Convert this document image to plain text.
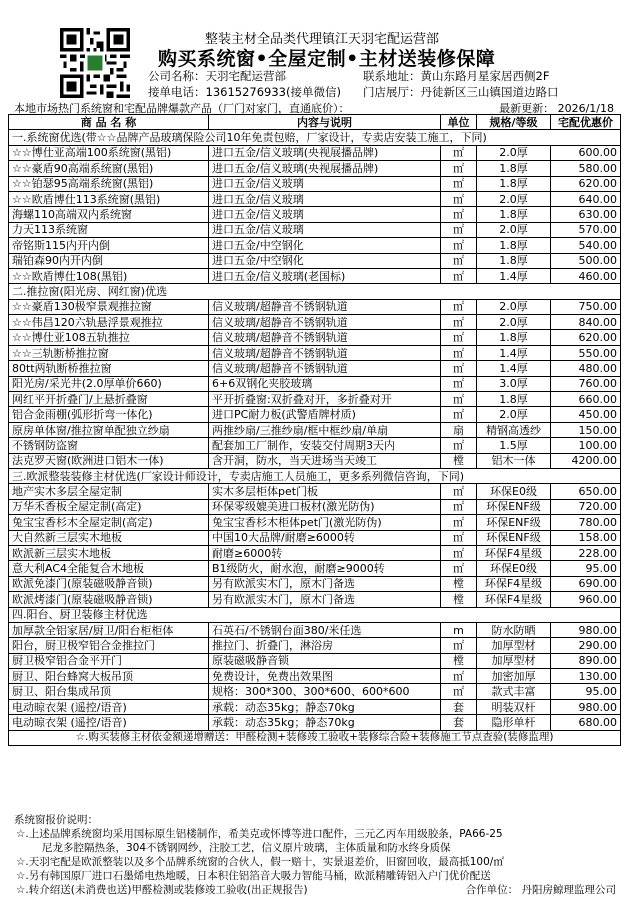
整装主材全品类代理镇江天羽宅配运营部
购买系统窗•全屋定制•主材送装修保障
公司名称：天羽宅配运营部	联系地址：黄山东路月星家居西侧2F
接单电话：13615276933(接单微信) 门店展厅：丹徒新区三山镇国道边路口
本地市场热门系统窗和宅配品牌爆款产品（厂门对家门，直通底价）：	最新更新： 2026/1/18
商 品 名 称	内容与说明	单位	规格/等级	宅配优惠价
一.系统窗优选(带☆☆品牌产品玻璃保险公司10年免责包赔，厂家设计，专卖店安装工施工，下同)				
☆☆博仕亚高端100系统窗(黑铝)	进口五金/信义玻璃(央视展播品牌)	㎡	2.0厚	600.00
☆☆豪盾90高端系统窗(黑铝)	进口五金/信义玻璃(央视展播品牌)	㎡	1.8厚	580.00
☆☆铂瑟95高端系统窗(黑铝)	进口五金/信义玻璃	㎡	1.8厚	620.00
☆☆欧盾博仕113系统窗(黑铝)	进口五金/信义玻璃	㎡	2.0厚	640.00
海螺110高端双内系统窗	进口五金/信义玻璃	㎡	1.8厚	630.00
力天113系统窗	进口五金/信义玻璃	㎡	2.0厚	570.00
帝铭斯115内开内倒	进口五金/中空钢化	㎡	1.8厚	540.00
瑞铂森90内开内倒	进口五金/中空钢化	㎡	1.8厚	500.00
☆☆欧盾博仕108(黑铝)	进口五金/信义玻璃(老国标)	㎡	1.4厚	460.00
二.推拉窗(阳光房、网红窗)优选				
☆☆豪盾130极窄景观推拉窗	信义玻璃/超静音不锈钢轨道	㎡	2.0厚	750.00
☆☆伟昌120六轨悬浮景观推拉	信义玻璃/超静音不锈钢轨道	㎡	2.0厚	840.00
☆☆博仕亚108五轨推拉	信义玻璃/超静音不锈钢轨道	㎡	1.8厚	620.00
☆☆三轨断桥推拉窗	信义玻璃/超静音不锈钢轨道	㎡	1.4厚	550.00
80tt两轨断桥推拉窗	信义玻璃/超静音不锈钢轨道	㎡	1.4厚	480.00
阳光房/采光井(2.0厚单价660)	6+6双钢化夹胶玻璃	㎡	3.0厚	760.00
网红平开折叠门/上悬折叠窗	平开折叠窗:双折叠对开，多折叠对开	㎡	1.8厚	660.00
铝合金雨棚(弧形折弯一体化)	进口PC耐力板(武警盾牌材质)	㎡	2.0厚	450.00
原房单体窗/推拉窗单配独立纱扇	两推纱扇/三推纱扇/框中框纱扇/单扇	扇	精钢高透纱	150.00
不锈钢防盗窗	配套加工厂制作，安装交付周期3天内	㎡	1.5厚	100.00
法克罗天窗(欧洲进口铝木一体)	含开洞，防水，当天进场当天竣工	樘	铝木一体	4200.00
三.欧派整装装修主材优选(厂家设计师设计，专卖店施工人员施工，更多系列微信咨询，下同)				
地产实木多层全屋定制	实木多层柜体pet门板	㎡	环保E0级	650.00
万华禾香板全屋定制(高定)	环保零级媲美进口板材(激光防伪)	㎡	环保ENF级	720.00
兔宝宝香杉木全屋定制(高定)	兔宝宝香杉木柜体pet门(激光防伪)	㎡	环保ENF级	780.00
大自然新三层实木地板	中国10大品牌/耐磨≥6000转	㎡	环保ENF级	158.00
欧派新三层实木地板	耐磨≥6000转	㎡	环保F4星级	228.00
意大利AC4全能复合木地板	B1级防火，耐水泡，耐磨≥9000转	㎡	环保E0级	95.00
欧派免漆门(原装磁吸静音锁)	另有欧派实木门，原木门备选	樘	环保F4星级	690.00
欧派烤漆门(原装磁吸静音锁)	另有欧派实木门，原木门备选	樘	环保F4星级	960.00
四.阳台、厨卫装修主材优选				
加厚款全铝家居/厨卫/阳台柜柜体	石英石/不锈钢台面380/米任选	m	防水防晒	980.00
阳台，厨卫极窄铝合金推拉门	推拉门、折叠门，淋浴房	㎡	加厚型材	290.00
厨卫极窄铝合金平开门	原装磁吸静音锁	樘	加厚型材	890.00
厨卫、阳台蜂窝大板吊顶	免费设计，免费出效果图	㎡	加密加厚	130.00
厨卫、阳台集成吊顶	规格：300*300、300*600、600*600	㎡	款式丰富	95.00
电动晾衣架 (遥控/语音)	承载：动态35kg；静态70kg	套	明装双杆	980.00
电动晾衣架 (遥控/语音)	承载：动态35kg；静态70kg	套	隐形单杆	680.00
☆.购买装修主材依金额递增赠送：甲醛检测+装修竣工验收+装修综合险+装修施工节点查验(装修监理)				
系统窗报价说明：
☆.上述品牌系统窗均采用国标原生铝楼制作，希美克或怀博等进口配件，三元乙丙车用级胶条，PA66-25
尼龙多腔隔热条，304不锈钢网纱，注胶工艺，信义原片玻璃，主体质量和防水终身质保
☆.天羽宅配是欧派整装以及多个品牌系统窗的合伙人，假一赔十，实景退差价，旧窗回收，最高抵100/㎡
☆.另有韩国原厂进口石墨烯电热地暖，日本积住铝箔音大吸力智能马桶，欧派精雕铸铝入户门优价配送
☆.转介绍送(未消费也送)甲醛检测或装修竣工验收(出正规报告)	合作单位： 丹阳房鲸理监理公司
